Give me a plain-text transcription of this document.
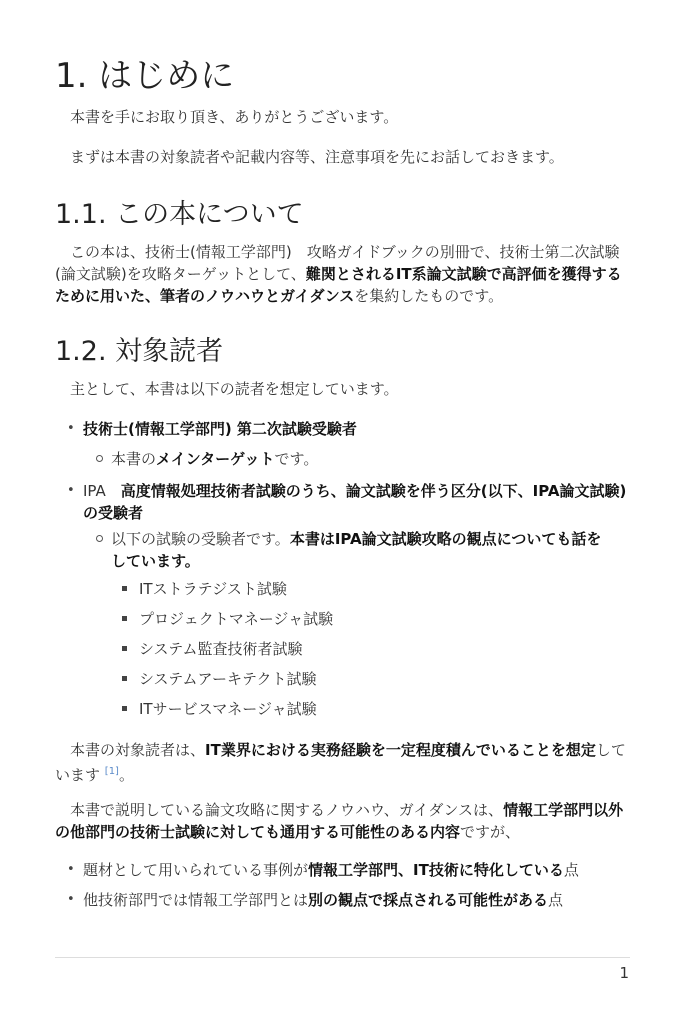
1. はじめに

本書を手にお取り頂き、ありがとうございます。

まずは本書の対象読者や記載内容等、注意事項を先にお話しておきます。

1.1. この本について

この本は、技術士(情報工学部門)　攻略ガイドブックの別冊で、技術士第二次試験(論文試験)を攻略ターゲットとして、難関とされるIT系論文試験で高評価を獲得するために用いた、筆者のノウハウとガイダンスを集約したものです。

1.2. 対象読者

主として、本書は以下の読者を想定しています。

• 技術士(情報工学部門) 第二次試験受験者

本書のメインターゲットです。

• IPA　高度情報処理技術者試験のうち、論文試験を伴う区分(以下、IPA論文試験)の受験者

以下の試験の受験者です。本書はIPA論文試験攻略の観点についても話をしています。

ITストラテジスト試験

プロジェクトマネージャ試験

システム監査技術者試験

システムアーキテクト試験

ITサービスマネージャ試験

本書の対象読者は、IT業界における実務経験を一定程度積んでいることを想定しています [1]。

本書で説明している論文攻略に関するノウハウ、ガイダンスは、情報工学部門以外の他部門の技術士試験に対しても通用する可能性のある内容ですが、

• 題材として用いられている事例が情報工学部門、IT技術に特化している点

• 他技術部門では情報工学部門とは別の観点で採点される可能性がある点

1
